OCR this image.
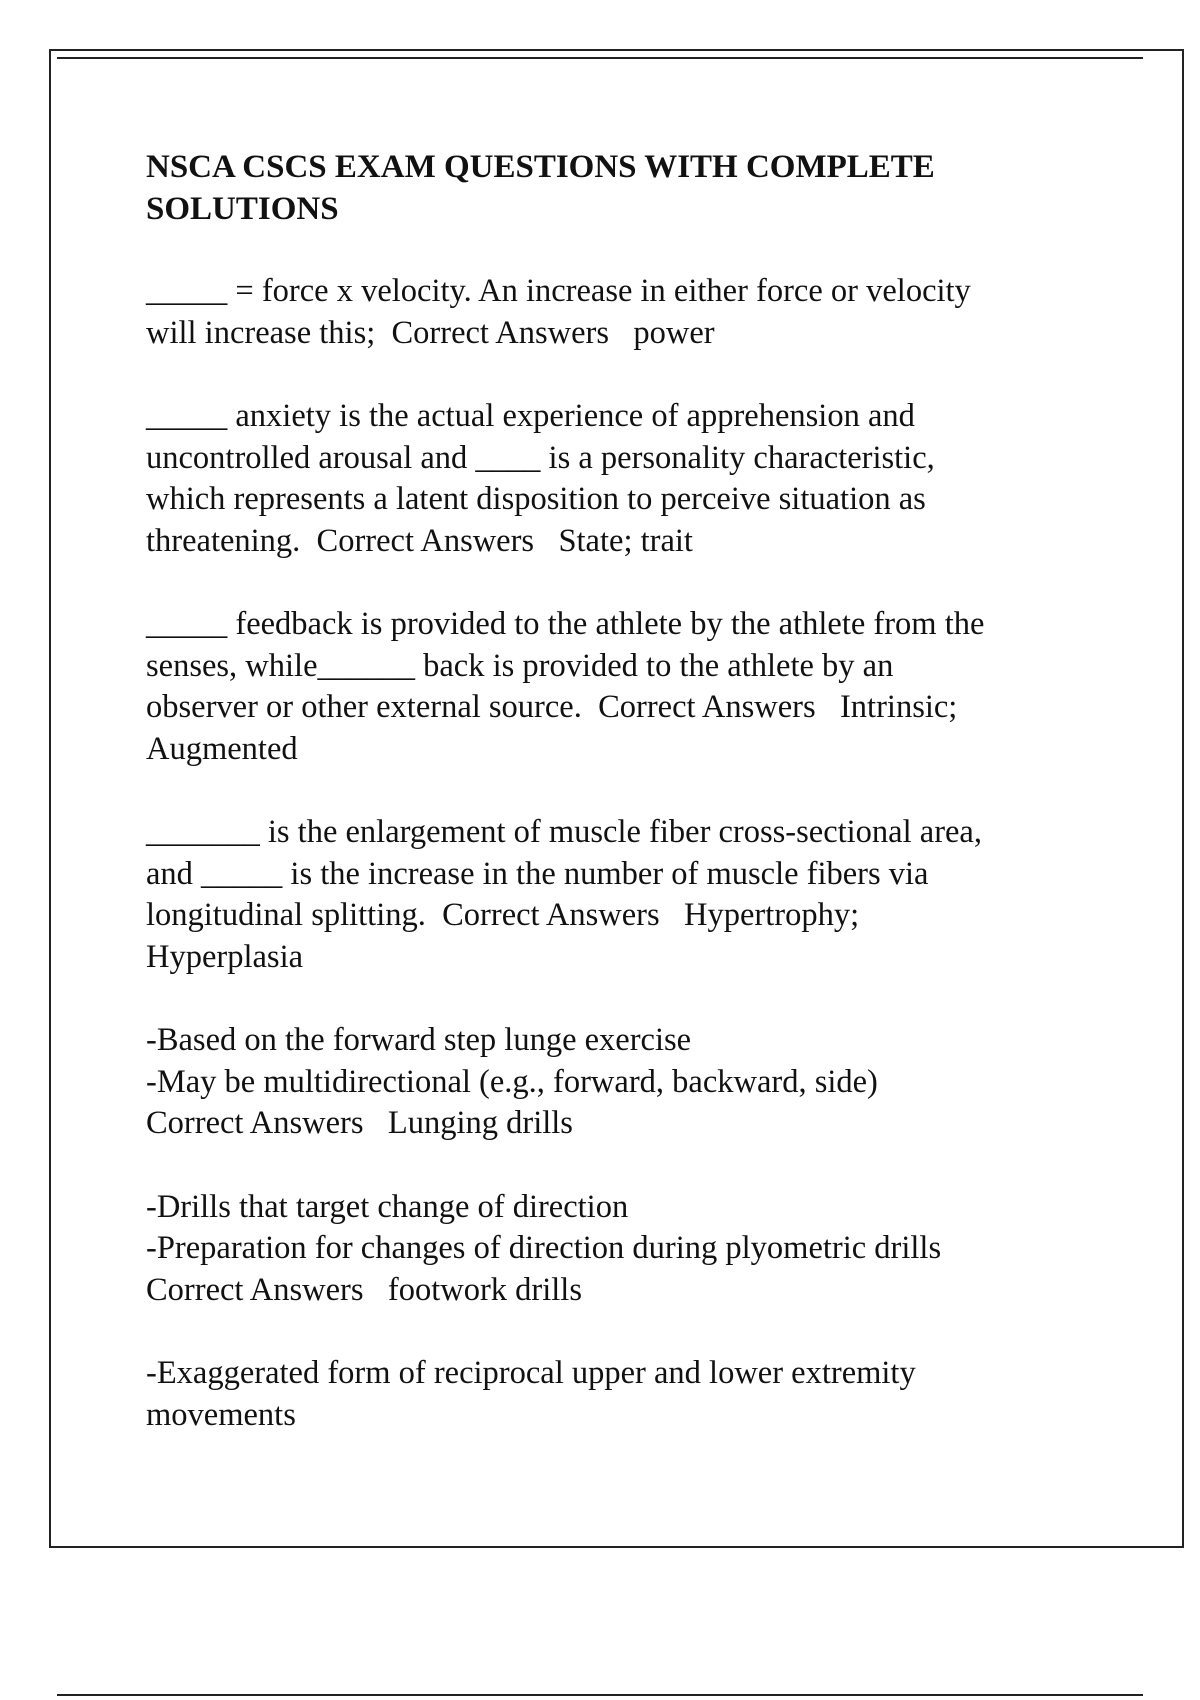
NSCA CSCS EXAM QUESTIONS WITH COMPLETE
SOLUTIONS
_____ = force x velocity. An increase in either force or velocity
will increase this;  Correct Answers   power
_____ anxiety is the actual experience of apprehension and
uncontrolled arousal and ____ is a personality characteristic,
which represents a latent disposition to perceive situation as
threatening.  Correct Answers   State; trait
_____ feedback is provided to the athlete by the athlete from the
senses, while______ back is provided to the athlete by an
observer or other external source.  Correct Answers   Intrinsic;
Augmented
_______ is the enlargement of muscle fiber cross-sectional area,
and _____ is the increase in the number of muscle fibers via
longitudinal splitting.  Correct Answers   Hypertrophy;
Hyperplasia
-Based on the forward step lunge exercise
-May be multidirectional (e.g., forward, backward, side)
Correct Answers   Lunging drills
-Drills that target change of direction
-Preparation for changes of direction during plyometric drills
Correct Answers   footwork drills
-Exaggerated form of reciprocal upper and lower extremity
movements
